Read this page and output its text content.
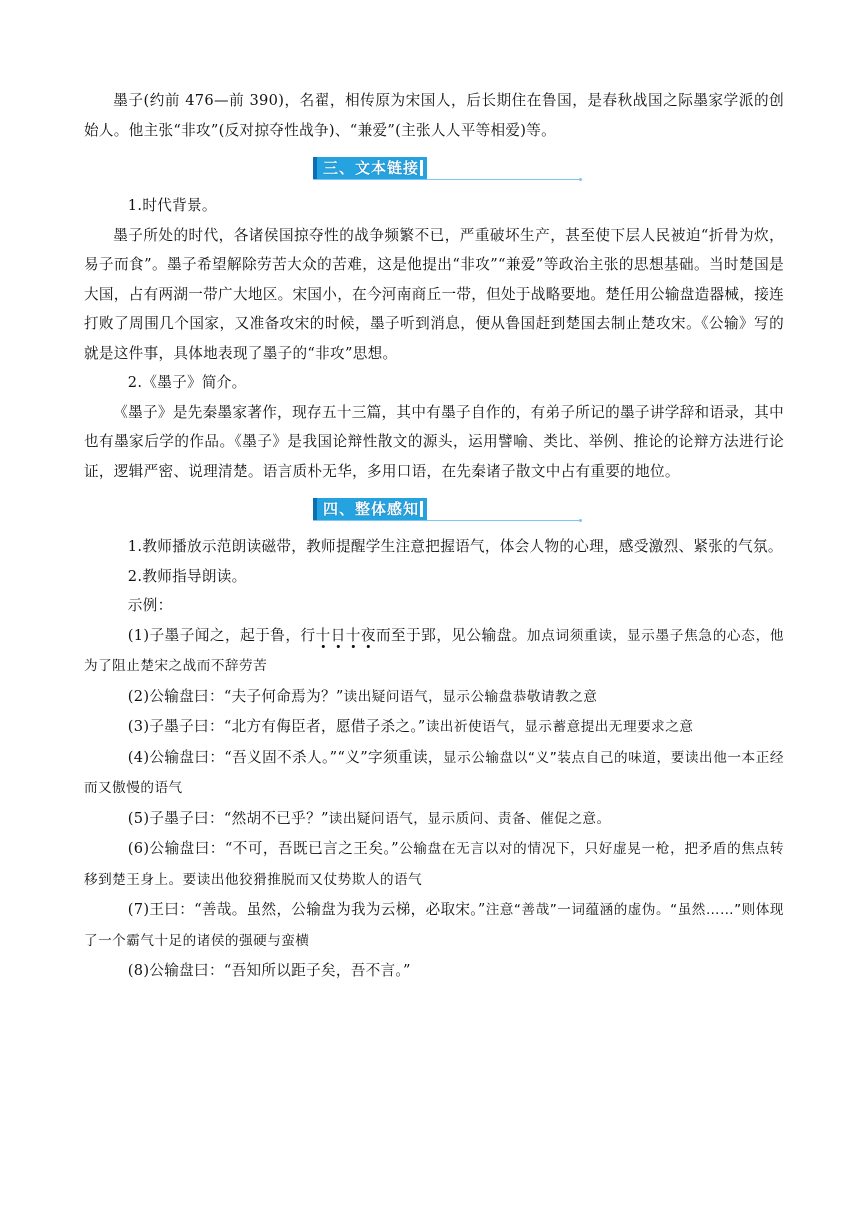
墨子(约前 476—前 390)，名翟，相传原为宋国人，后长期住在鲁国，是春秋战国之际墨家学派的创始人。他主张“非攻”(反对掠夺性战争)、“兼爱”(主张人人平等相爱)等。

三、文本链接

1.时代背景。

墨子所处的时代，各诸侯国掠夺性的战争频繁不已，严重破坏生产，甚至使下层人民被迫“折骨为炊，易子而食”。墨子希望解除劳苦大众的苦难，这是他提出“非攻”“兼爱”等政治主张的思想基础。当时楚国是大国，占有两湖一带广大地区。宋国小，在今河南商丘一带，但处于战略要地。楚任用公输盘造器械，接连打败了周围几个国家，又准备攻宋的时候，墨子听到消息，便从鲁国赶到楚国去制止楚攻宋。《公输》写的就是这件事，具体地表现了墨子的“非攻”思想。

2.《墨子》简介。

《墨子》是先秦墨家著作，现存五十三篇，其中有墨子自作的，有弟子所记的墨子讲学辞和语录，其中也有墨家后学的作品。《墨子》是我国论辩性散文的源头，运用譬喻、类比、举例、推论的论辩方法进行论证，逻辑严密、说理清楚。语言质朴无华，多用口语，在先秦诸子散文中占有重要的地位。

四、整体感知

1.教师播放示范朗读磁带，教师提醒学生注意把握语气，体会人物的心理，感受激烈、紧张的气氛。

2.教师指导朗读。

示例：

(1)子墨子闻之，起于鲁，行十日十夜而至于郢，见公输盘。加点词须重读，显示墨子焦急的心态，他为了阻止楚宋之战而不辞劳苦

(2)公输盘曰：“夫子何命焉为？”读出疑问语气，显示公输盘恭敬请教之意

(3)子墨子曰：“北方有侮臣者，愿借子杀之。”读出祈使语气，显示蓄意提出无理要求之意

(4)公输盘曰：“吾义固不杀人。”“义”字须重读，显示公输盘以“义”装点自己的味道，要读出他一本正经而又傲慢的语气

(5)子墨子曰：“然胡不已乎？”读出疑问语气，显示质问、责备、催促之意。

(6)公输盘曰：“不可，吾既已言之王矣。”公输盘在无言以对的情况下，只好虚晃一枪，把矛盾的焦点转移到楚王身上。要读出他狡猾推脱而又仗势欺人的语气

(7)王曰：“善哉。虽然，公输盘为我为云梯，必取宋。”注意“善哉”一词蕴涵的虚伪。“虽然……”则体现了一个霸气十足的诸侯的强硬与蛮横

(8)公输盘曰：“吾知所以距子矣，吾不言。”
